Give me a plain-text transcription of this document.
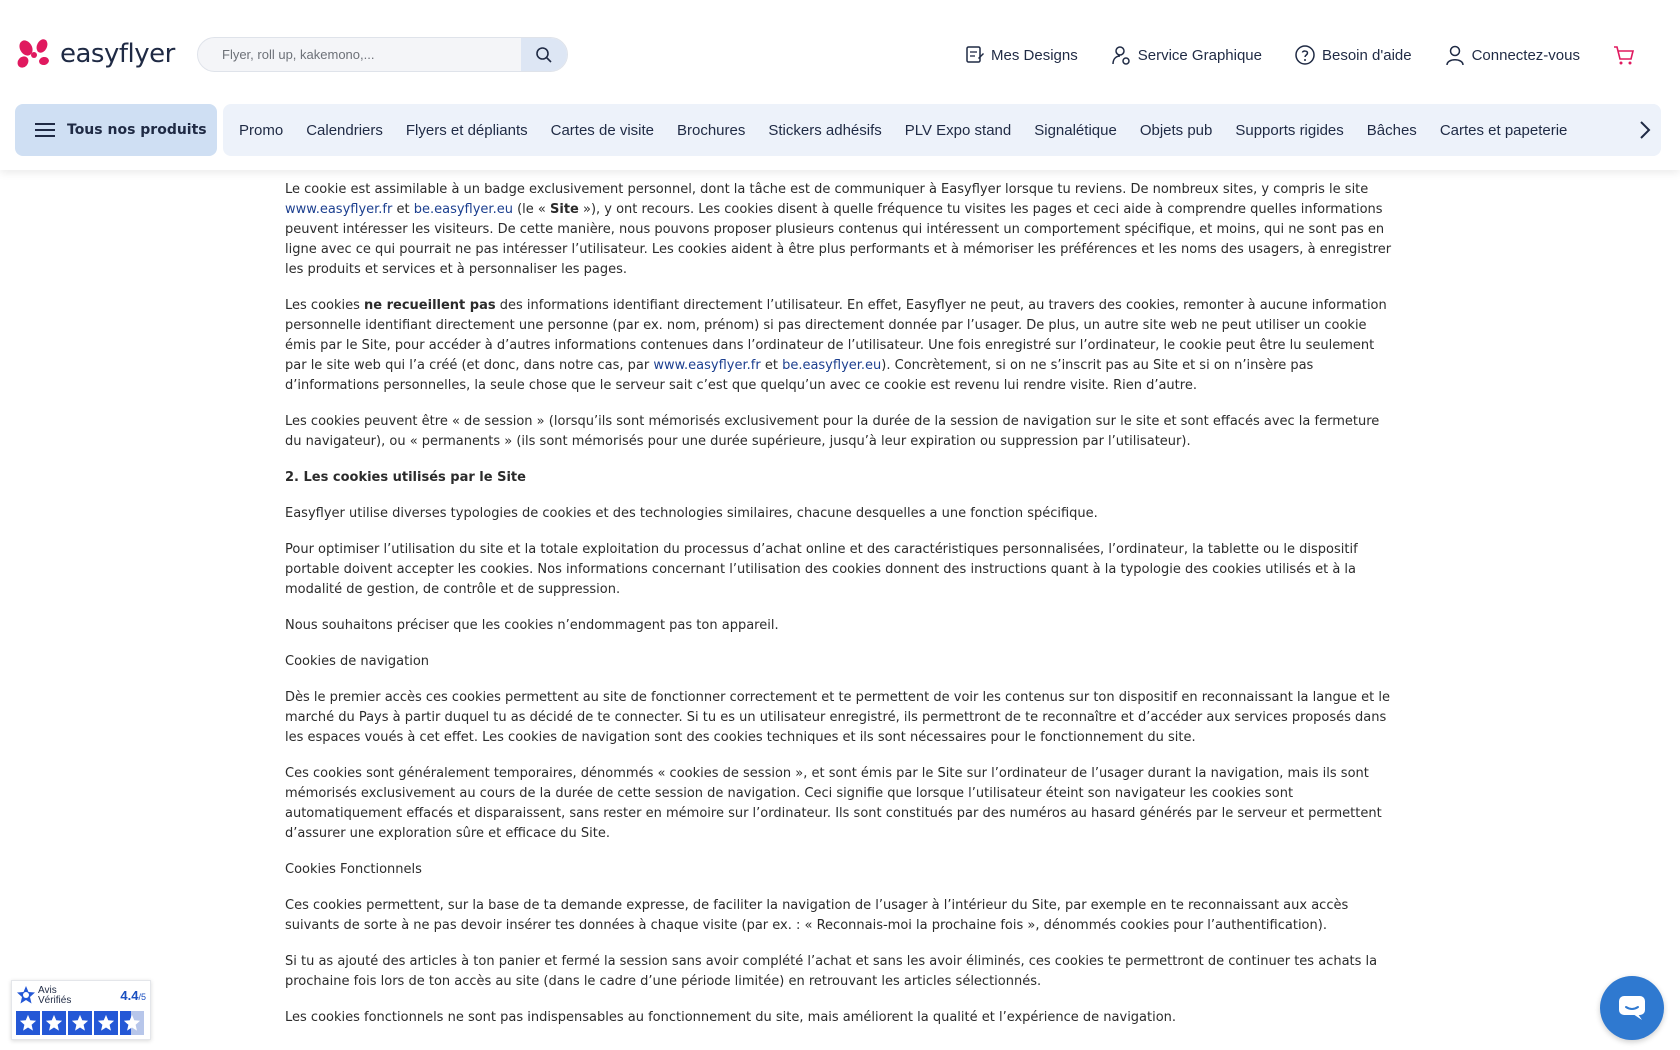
easyflyer
Flyer, roll up, kakemono,...	Mes Designs	Service Graphique	Besoin d'aide	Connectez-vous
Tous nos produits Promo Calendriers Flyers et dépliants Cartes de visite Brochures Stickers adhésifs PLV Expo stand Signalétique Objets pub Supports rigides Bâches Cartes et papeterie

Le cookie est assimilable à un badge exclusivement personnel, dont la tâche est de communiquer à Easyflyer lorsque tu reviens. De nombreux sites, y compris le site www.easyflyer.fr et be.easyflyer.eu (le « Site »), y ont recours. Les cookies disent à quelle fréquence tu visites les pages et ceci aide à comprendre quelles informations peuvent intéresser les visiteurs. De cette manière, nous pouvons proposer plusieurs contenus qui intéressent un comportement spécifique, et moins, qui ne sont pas en ligne avec ce qui pourrait ne pas intéresser l’utilisateur. Les cookies aident à être plus performants et à mémoriser les préférences et les noms des usagers, à enregistrer les produits et services et à personnaliser les pages.

Les cookies ne recueillent pas des informations identifiant directement l’utilisateur. En effet, Easyflyer ne peut, au travers des cookies, remonter à aucune information personnelle identifiant directement une personne (par ex. nom, prénom) si pas directement donnée par l’usager. De plus, un autre site web ne peut utiliser un cookie émis par le Site, pour accéder à d’autres informations contenues dans l’ordinateur de l’utilisateur. Une fois enregistré sur l’ordinateur, le cookie peut être lu seulement par le site web qui l’a créé (et donc, dans notre cas, par www.easyflyer.fr et be.easyflyer.eu). Concrètement, si on ne s’inscrit pas au Site et si on n’insère pas d’informations personnelles, la seule chose que le serveur sait c’est que quelqu’un avec ce cookie est revenu lui rendre visite. Rien d’autre.

Les cookies peuvent être « de session » (lorsqu’ils sont mémorisés exclusivement pour la durée de la session de navigation sur le site et sont effacés avec la fermeture du navigateur), ou « permanents » (ils sont mémorisés pour une durée supérieure, jusqu’à leur expiration ou suppression par l’utilisateur).

2. Les cookies utilisés par le Site

Easyflyer utilise diverses typologies de cookies et des technologies similaires, chacune desquelles a une fonction spécifique.

Pour optimiser l’utilisation du site et la totale exploitation du processus d’achat online et des caractéristiques personnalisées, l’ordinateur, la tablette ou le dispositif portable doivent accepter les cookies. Nos informations concernant l’utilisation des cookies donnent des instructions quant à la typologie des cookies utilisés et à la modalité de gestion, de contrôle et de suppression.

Nous souhaitons préciser que les cookies n’endommagent pas ton appareil.

Cookies de navigation

Dès le premier accès ces cookies permettent au site de fonctionner correctement et te permettent de voir les contenus sur ton dispositif en reconnaissant la langue et le marché du Pays à partir duquel tu as décidé de te connecter. Si tu es un utilisateur enregistré, ils permettront de te reconnaître et d’accéder aux services proposés dans les espaces voués à cet effet. Les cookies de navigation sont des cookies techniques et ils sont nécessaires pour le fonctionnement du site.

Ces cookies sont généralement temporaires, dénommés « cookies de session », et sont émis par le Site sur l’ordinateur de l’usager durant la navigation, mais ils sont mémorisés exclusivement au cours de la durée de cette session de navigation. Ceci signifie que lorsque l’utilisateur éteint son navigateur les cookies sont automatiquement effacés et disparaissent, sans rester en mémoire sur l’ordinateur. Ils sont constitués par des numéros au hasard générés par le serveur et permettent d’assurer une exploration sûre et efficace du Site.

Cookies Fonctionnels

Ces cookies permettent, sur la base de ta demande expresse, de faciliter la navigation de l’usager à l’intérieur du Site, par exemple en te reconnaissant aux accès suivants de sorte à ne pas devoir insérer tes données à chaque visite (par ex. : « Reconnais-moi la prochaine fois », dénommés cookies pour l’authentification).

Si tu as ajouté des articles à ton panier et fermé la session sans avoir complété l’achat et sans les avoir éliminés, ces cookies te permettront de continuer tes achats la prochaine fois lors de ton accès au site (dans le cadre d’une période limitée) en retrouvant les articles sélectionnés.

Les cookies fonctionnels ne sont pas indispensables au fonctionnement du site, mais améliorent la qualité et l’expérience de navigation.

Avis
Vérifiés	4.4/5
